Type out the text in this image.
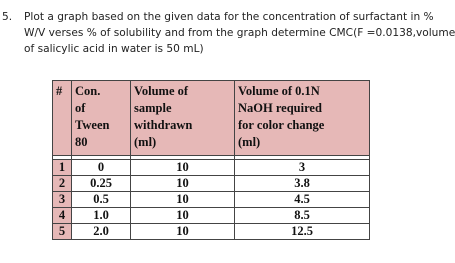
5. Plot a graph based on the given data for the concentration of surfactant in %
W/V verses % of solubility and from the graph determine CMC(F =0.0138,volume
of salicylic acid in water is 50 mL)
#	Con.
of
Tween
80	Volume of
sample
withdrawn
(ml)	Volume of 0.1N
NaOH required
for color change
(ml)

1	0	10	3
2	0.25	10	3.8
3	0.5	10	4.5
4	1.0	10	8.5
5	2.0	10	12.5
